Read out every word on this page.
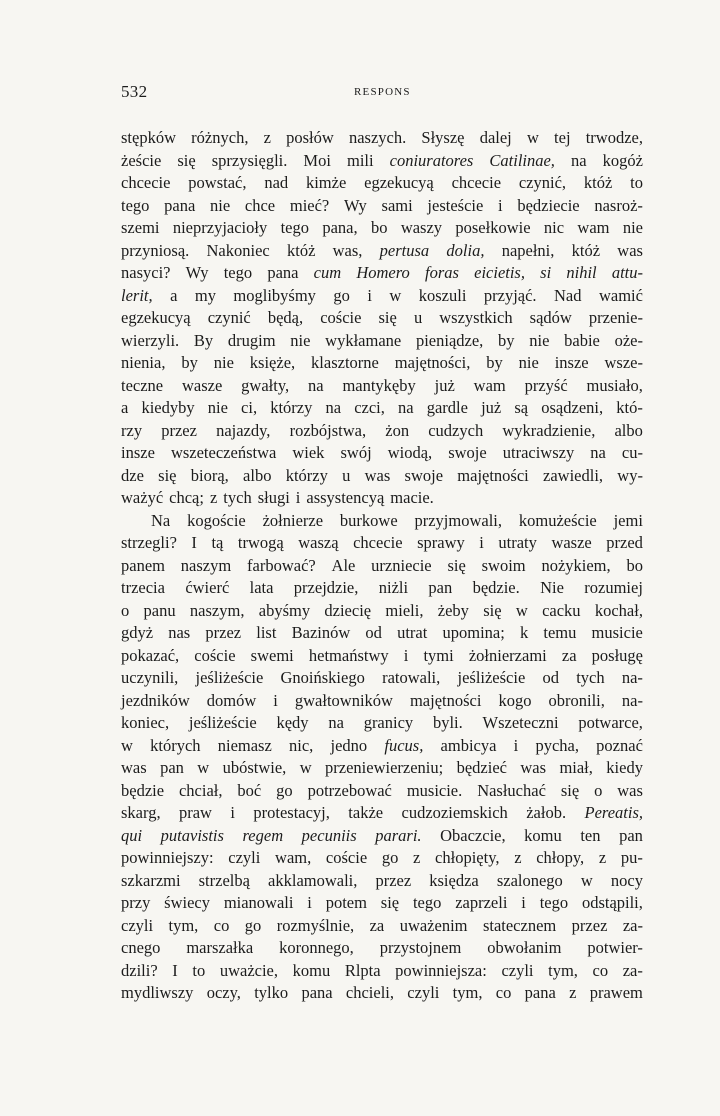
532	RESPONS
stępków różnych, z posłów naszych. Słyszę dalej w tej trwodze,
żeście się sprzysięgli. Moi mili coniuratores Catilinae, na kogóż
chcecie powstać, nad kimże egzekucyą chcecie czynić, któż to
tego pana nie chce mieć? Wy sami jesteście i będziecie nasroż-
szemi nieprzyjacioły tego pana, bo waszy posełkowie nic wam nie
przyniosą. Nakoniec któż was, pertusa dolia, napełni, któż was
nasyci? Wy tego pana cum Homero foras eicietis, si nihil attu-
lerit, a my moglibyśmy go i w koszuli przyjąć. Nad wamić
egzekucyą czynić będą, coście się u wszystkich sądów przenie-
wierzyli. By drugim nie wykłamane pieniądze, by nie babie oże-
nienia, by nie księże, klasztorne majętności, by nie insze wsze-
teczne wasze gwałty, na mantykęby już wam przyść musiało,
a kiedyby nie ci, którzy na czci, na gardle już są osądzeni, któ-
rzy przez najazdy, rozbójstwa, żon cudzych wykradzienie, albo
insze wszeteczeństwa wiek swój wiodą, swoje utraciwszy na cu-
dze się biorą, albo którzy u was swoje majętności zawiedli, wy-
ważyć chcą; z tych sługi i assystencyą macie.
Na kogoście żołnierze burkowe przyjmowali, komużeście jemi
strzegli? I tą trwogą waszą chcecie sprawy i utraty wasze przed
panem naszym farbować? Ale urzniecie się swoim nożykiem, bo
trzecia ćwierć lata przejdzie, niżli pan będzie. Nie rozumiej
o panu naszym, abyśmy dziecię mieli, żeby się w cacku kochał,
gdyż nas przez list Bazinów od utrat upomina; k temu musicie
pokazać, coście swemi hetmaństwy i tymi żołnierzami za posługę
uczynili, jeśliżeście Gnoińskiego ratowali, jeśliżeście od tych na-
jezdników domów i gwałtowników majętności kogo obronili, na-
koniec, jeśliżeście kędy na granicy byli. Wszeteczni potwarce,
w których niemasz nic, jedno fucus, ambicya i pycha, poznać
was pan w ubóstwie, w przeniewierzeniu; będzieć was miał, kiedy
będzie chciał, boć go potrzebować musicie. Nasłuchać się o was
skarg, praw i protestacyj, także cudzoziemskich żałob. Pereatis,
qui putavistis regem pecuniis parari. Obaczcie, komu ten pan
powinniejszy: czyli wam, coście go z chłopięty, z chłopy, z pu-
szkarzmi strzelbą akklamowali, przez księdza szalonego w nocy
przy świecy mianowali i potem się tego zaprzeli i tego odstąpili,
czyli tym, co go rozmyślnie, za uważenim statecznem przez za-
cnego marszałka koronnego, przystojnem obwołanim potwier-
dzili? I to uważcie, komu Rlpta powinniejsza: czyli tym, co za-
mydliwszy oczy, tylko pana chcieli, czyli tym, co pana z prawem
